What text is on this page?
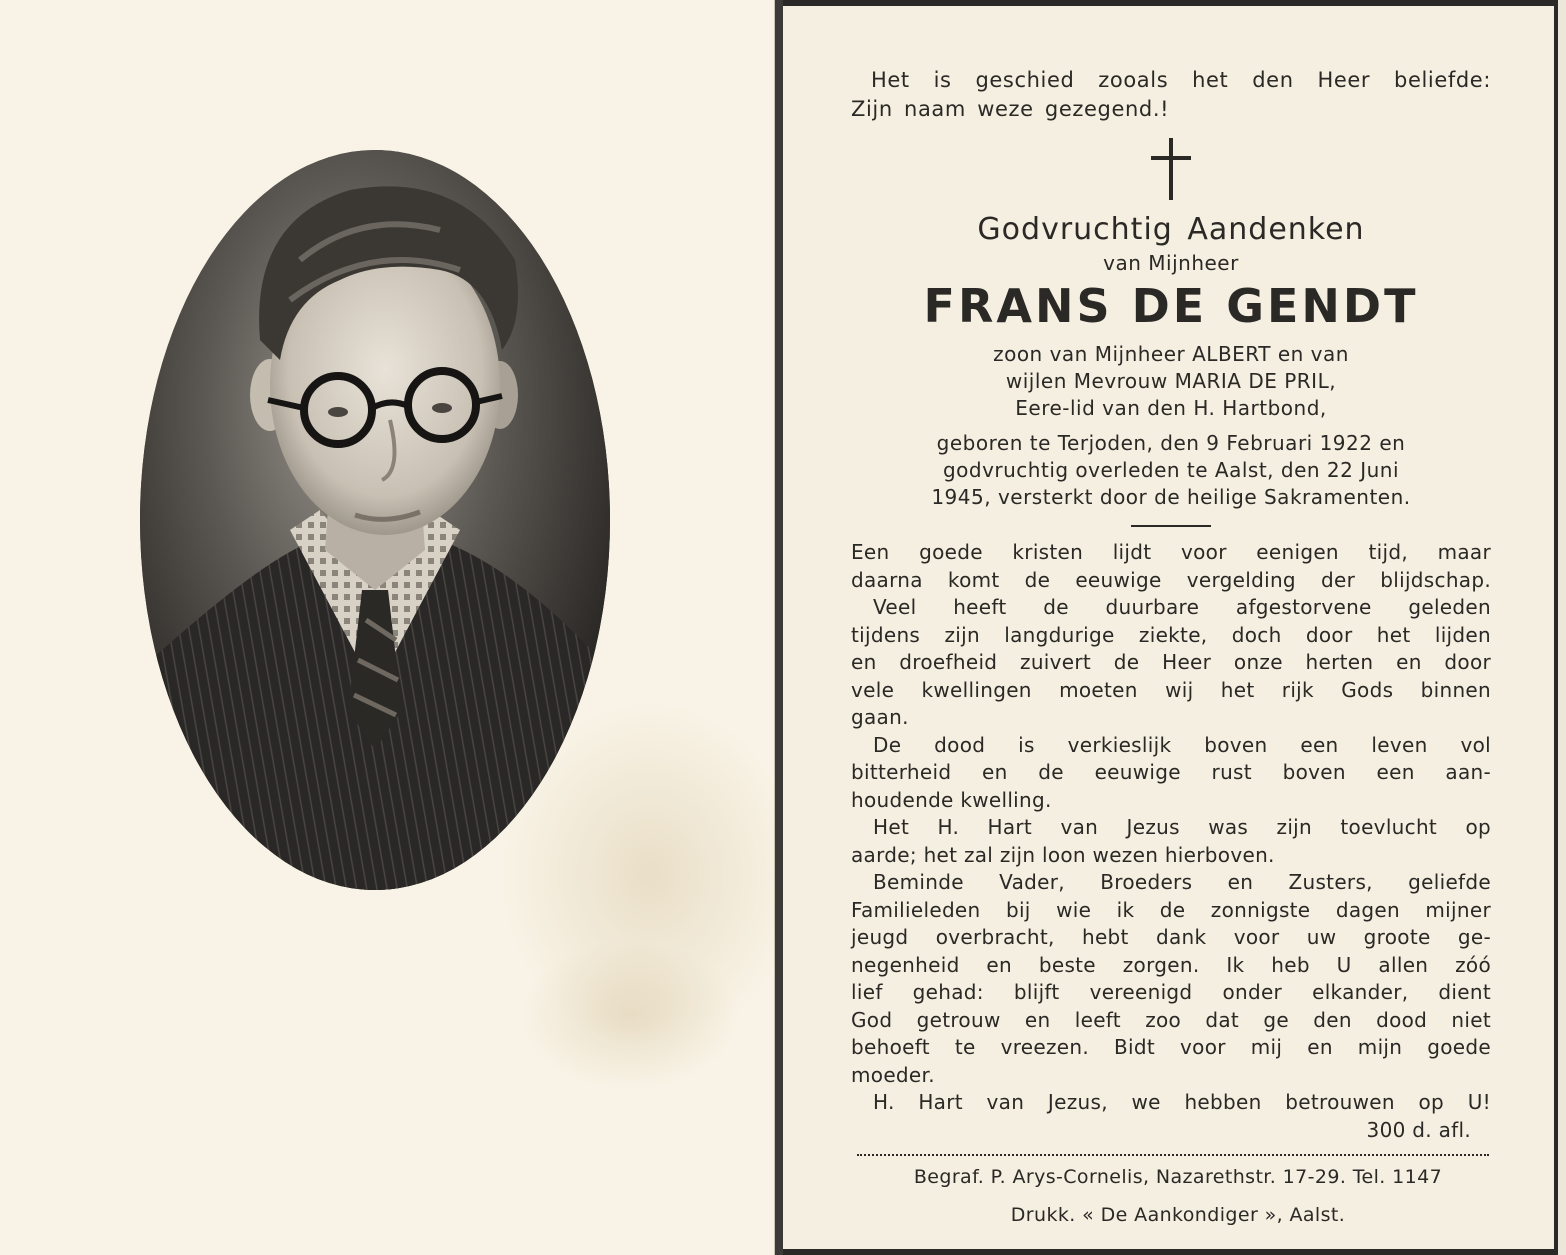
Het is geschied zooals het den Heer beliefde:
Zijn naam weze gezegend.!
Godvruchtig Aandenken
van Mijnheer
FRANS DE GENDT
zoon van Mijnheer ALBERT en van
wijlen Mevrouw MARIA DE PRIL,
Eere-lid van den H. Hartbond,
geboren te Terjoden, den 9 Februari 1922 en
godvruchtig overleden te Aalst, den 22 Juni
1945, versterkt door de heilige Sakramenten.
Een goede kristen lijdt voor eenigen tijd, maar
daarna komt de eeuwige vergelding der blijdschap.
Veel heeft de duurbare afgestorvene geleden
tijdens zijn langdurige ziekte, doch door het lijden
en droefheid zuivert de Heer onze herten en door
vele kwellingen moeten wij het rijk Gods binnen
gaan.
De dood is verkieslijk boven een leven vol
bitterheid en de eeuwige rust boven een aan-
houdende kwelling.
Het H. Hart van Jezus was zijn toevlucht op
aarde; het zal zijn loon wezen hierboven.
Beminde Vader, Broeders en Zusters, geliefde
Familieleden bij wie ik de zonnigste dagen mijner
jeugd overbracht, hebt dank voor uw groote ge-
negenheid en beste zorgen. Ik heb U allen zóó
lief gehad: blijft vereenigd onder elkander, dient
God getrouw en leeft zoo dat ge den dood niet
behoeft te vreezen. Bidt voor mij en mijn goede
moeder.
H. Hart van Jezus, we hebben betrouwen op U!
300 d. afl.
Begraf. P. Arys-Cornelis, Nazarethstr. 17-29. Tel. 1147
Drukk. « De Aankondiger », Aalst.
